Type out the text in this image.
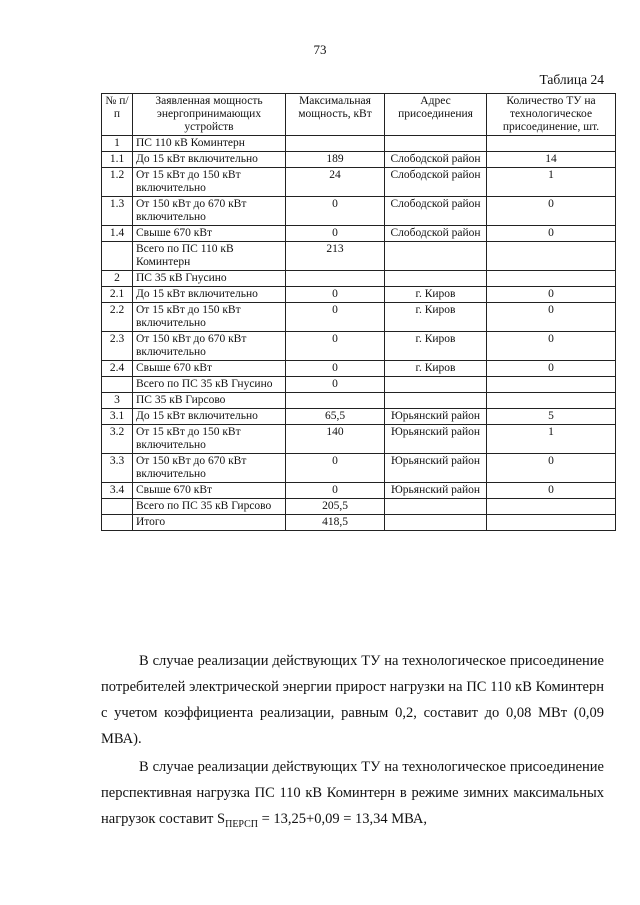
73
Таблица 24
№ п/п	Заявленная мощность энергопринимающих устройств	Максимальная мощность, кВт	Адрес присоединения	Количество ТУ на технологическое присоединение, шт.
1	ПС 110 кВ Коминтерн			
1.1	До 15 кВт включительно	189	Слободской район	14
1.2	От 15 кВт до 150 кВт включительно	24	Слободской район	1
1.3	От 150 кВт до 670 кВт включительно	0	Слободской район	0
1.4	Свыше 670 кВт	0	Слободской район	0
	Всего по ПС 110 кВ Коминтерн	213		
2	ПС 35 кВ Гнусино			
2.1	До 15 кВт включительно	0	г. Киров	0
2.2	От 15 кВт до 150 кВт включительно	0	г. Киров	0
2.3	От 150 кВт до 670 кВт включительно	0	г. Киров	0
2.4	Свыше 670 кВт	0	г. Киров	0
	Всего по ПС 35 кВ Гнусино	0		
3	ПС 35 кВ Гирсово			
3.1	До 15 кВт включительно	65,5	Юрьянский район	5
3.2	От 15 кВт до 150 кВт включительно	140	Юрьянский район	1
3.3	От 150 кВт до 670 кВт включительно	0	Юрьянский район	0
3.4	Свыше 670 кВт	0	Юрьянский район	0
	Всего по ПС 35 кВ Гирсово	205,5		
	Итого	418,5		
В случае реализации действующих ТУ на технологическое присоединение потребителей электрической энергии прирост нагрузки на ПС 110 кВ Коминтерн с учетом коэффициента реализации, равным 0,2, составит до 0,08 МВт (0,09 МВА).
В случае реализации действующих ТУ на технологическое присоединение перспективная нагрузка ПС 110 кВ Коминтерн в режиме зимних максимальных нагрузок составит $S_{ПЕРСП} = 13,25+0,09 = 13,34$ МВА,
